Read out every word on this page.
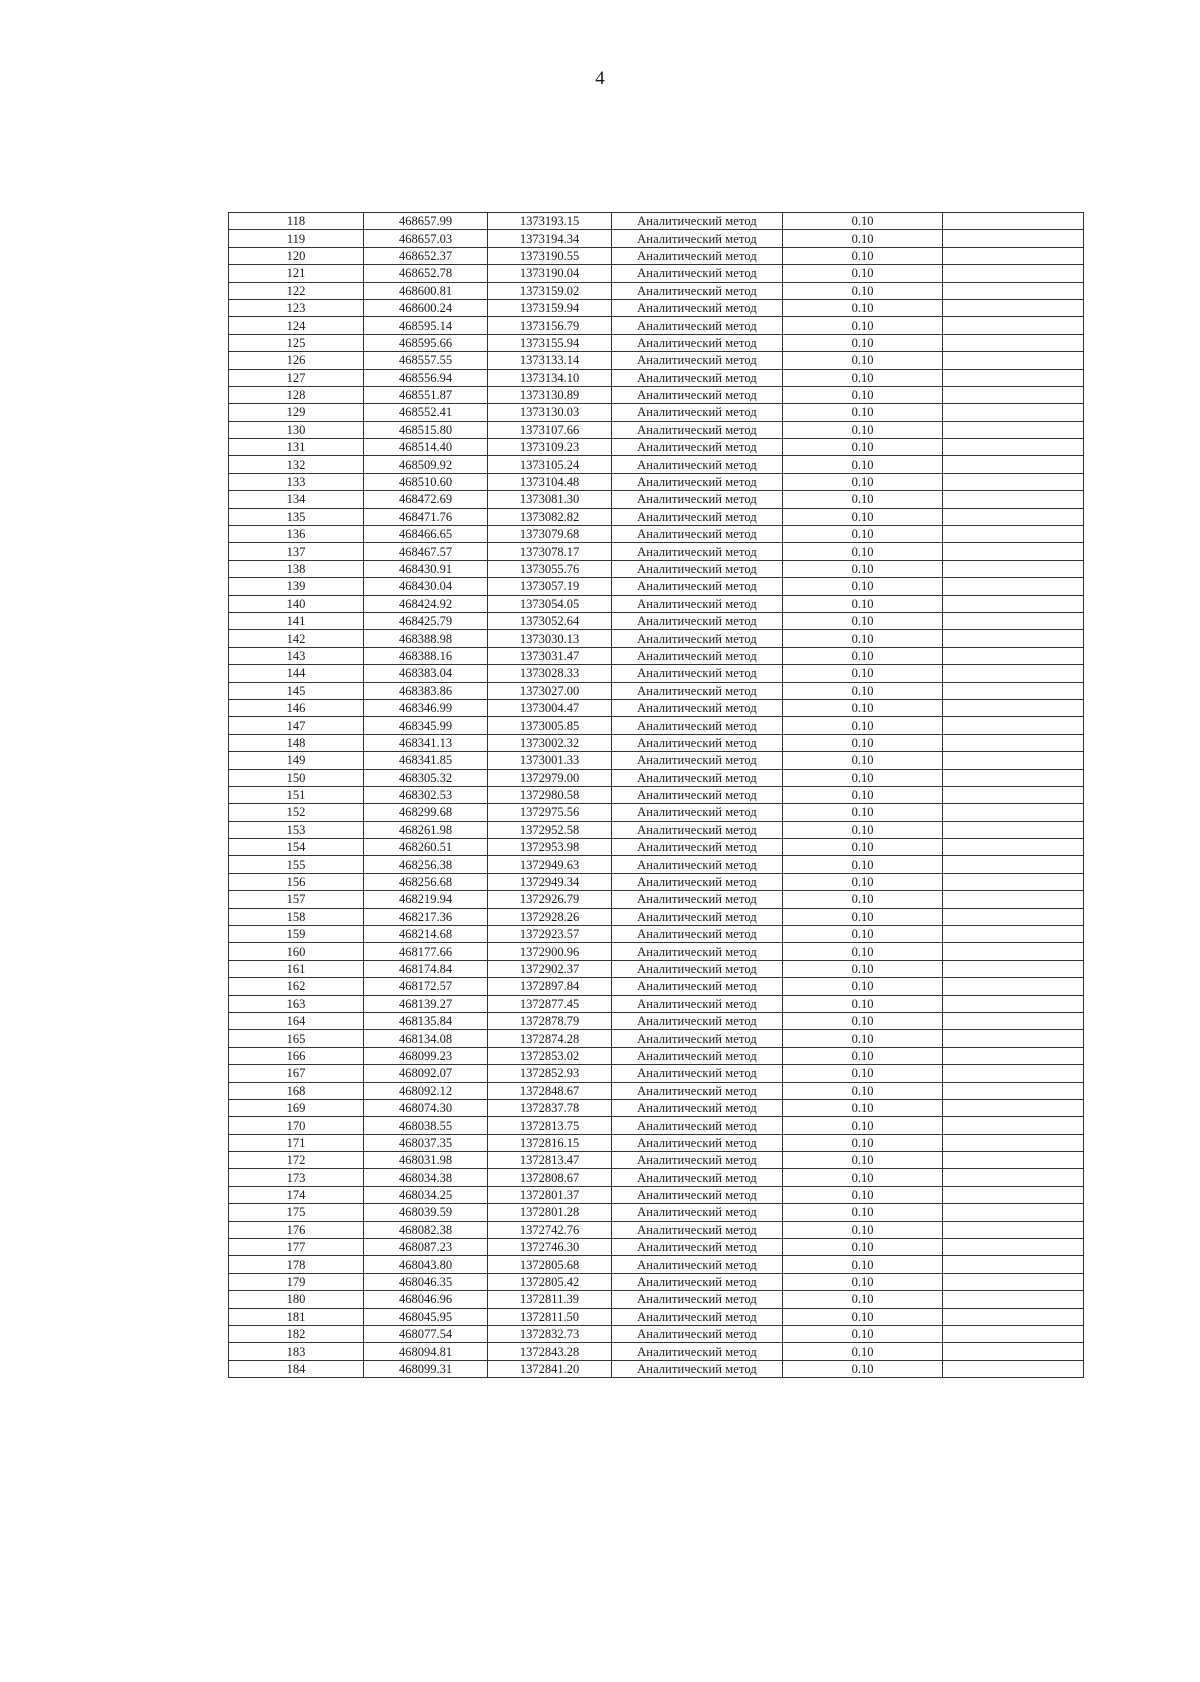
4
118	468657.99	1373193.15	Аналитический метод	0.10	
119	468657.03	1373194.34	Аналитический метод	0.10	
120	468652.37	1373190.55	Аналитический метод	0.10	
121	468652.78	1373190.04	Аналитический метод	0.10	
122	468600.81	1373159.02	Аналитический метод	0.10	
123	468600.24	1373159.94	Аналитический метод	0.10	
124	468595.14	1373156.79	Аналитический метод	0.10	
125	468595.66	1373155.94	Аналитический метод	0.10	
126	468557.55	1373133.14	Аналитический метод	0.10	
127	468556.94	1373134.10	Аналитический метод	0.10	
128	468551.87	1373130.89	Аналитический метод	0.10	
129	468552.41	1373130.03	Аналитический метод	0.10	
130	468515.80	1373107.66	Аналитический метод	0.10	
131	468514.40	1373109.23	Аналитический метод	0.10	
132	468509.92	1373105.24	Аналитический метод	0.10	
133	468510.60	1373104.48	Аналитический метод	0.10	
134	468472.69	1373081.30	Аналитический метод	0.10	
135	468471.76	1373082.82	Аналитический метод	0.10	
136	468466.65	1373079.68	Аналитический метод	0.10	
137	468467.57	1373078.17	Аналитический метод	0.10	
138	468430.91	1373055.76	Аналитический метод	0.10	
139	468430.04	1373057.19	Аналитический метод	0.10	
140	468424.92	1373054.05	Аналитический метод	0.10	
141	468425.79	1373052.64	Аналитический метод	0.10	
142	468388.98	1373030.13	Аналитический метод	0.10	
143	468388.16	1373031.47	Аналитический метод	0.10	
144	468383.04	1373028.33	Аналитический метод	0.10	
145	468383.86	1373027.00	Аналитический метод	0.10	
146	468346.99	1373004.47	Аналитический метод	0.10	
147	468345.99	1373005.85	Аналитический метод	0.10	
148	468341.13	1373002.32	Аналитический метод	0.10	
149	468341.85	1373001.33	Аналитический метод	0.10	
150	468305.32	1372979.00	Аналитический метод	0.10	
151	468302.53	1372980.58	Аналитический метод	0.10	
152	468299.68	1372975.56	Аналитический метод	0.10	
153	468261.98	1372952.58	Аналитический метод	0.10	
154	468260.51	1372953.98	Аналитический метод	0.10	
155	468256.38	1372949.63	Аналитический метод	0.10	
156	468256.68	1372949.34	Аналитический метод	0.10	
157	468219.94	1372926.79	Аналитический метод	0.10	
158	468217.36	1372928.26	Аналитический метод	0.10	
159	468214.68	1372923.57	Аналитический метод	0.10	
160	468177.66	1372900.96	Аналитический метод	0.10	
161	468174.84	1372902.37	Аналитический метод	0.10	
162	468172.57	1372897.84	Аналитический метод	0.10	
163	468139.27	1372877.45	Аналитический метод	0.10	
164	468135.84	1372878.79	Аналитический метод	0.10	
165	468134.08	1372874.28	Аналитический метод	0.10	
166	468099.23	1372853.02	Аналитический метод	0.10	
167	468092.07	1372852.93	Аналитический метод	0.10	
168	468092.12	1372848.67	Аналитический метод	0.10	
169	468074.30	1372837.78	Аналитический метод	0.10	
170	468038.55	1372813.75	Аналитический метод	0.10	
171	468037.35	1372816.15	Аналитический метод	0.10	
172	468031.98	1372813.47	Аналитический метод	0.10	
173	468034.38	1372808.67	Аналитический метод	0.10	
174	468034.25	1372801.37	Аналитический метод	0.10	
175	468039.59	1372801.28	Аналитический метод	0.10	
176	468082.38	1372742.76	Аналитический метод	0.10	
177	468087.23	1372746.30	Аналитический метод	0.10	
178	468043.80	1372805.68	Аналитический метод	0.10	
179	468046.35	1372805.42	Аналитический метод	0.10	
180	468046.96	1372811.39	Аналитический метод	0.10	
181	468045.95	1372811.50	Аналитический метод	0.10	
182	468077.54	1372832.73	Аналитический метод	0.10	
183	468094.81	1372843.28	Аналитический метод	0.10	
184	468099.31	1372841.20	Аналитический метод	0.10	
